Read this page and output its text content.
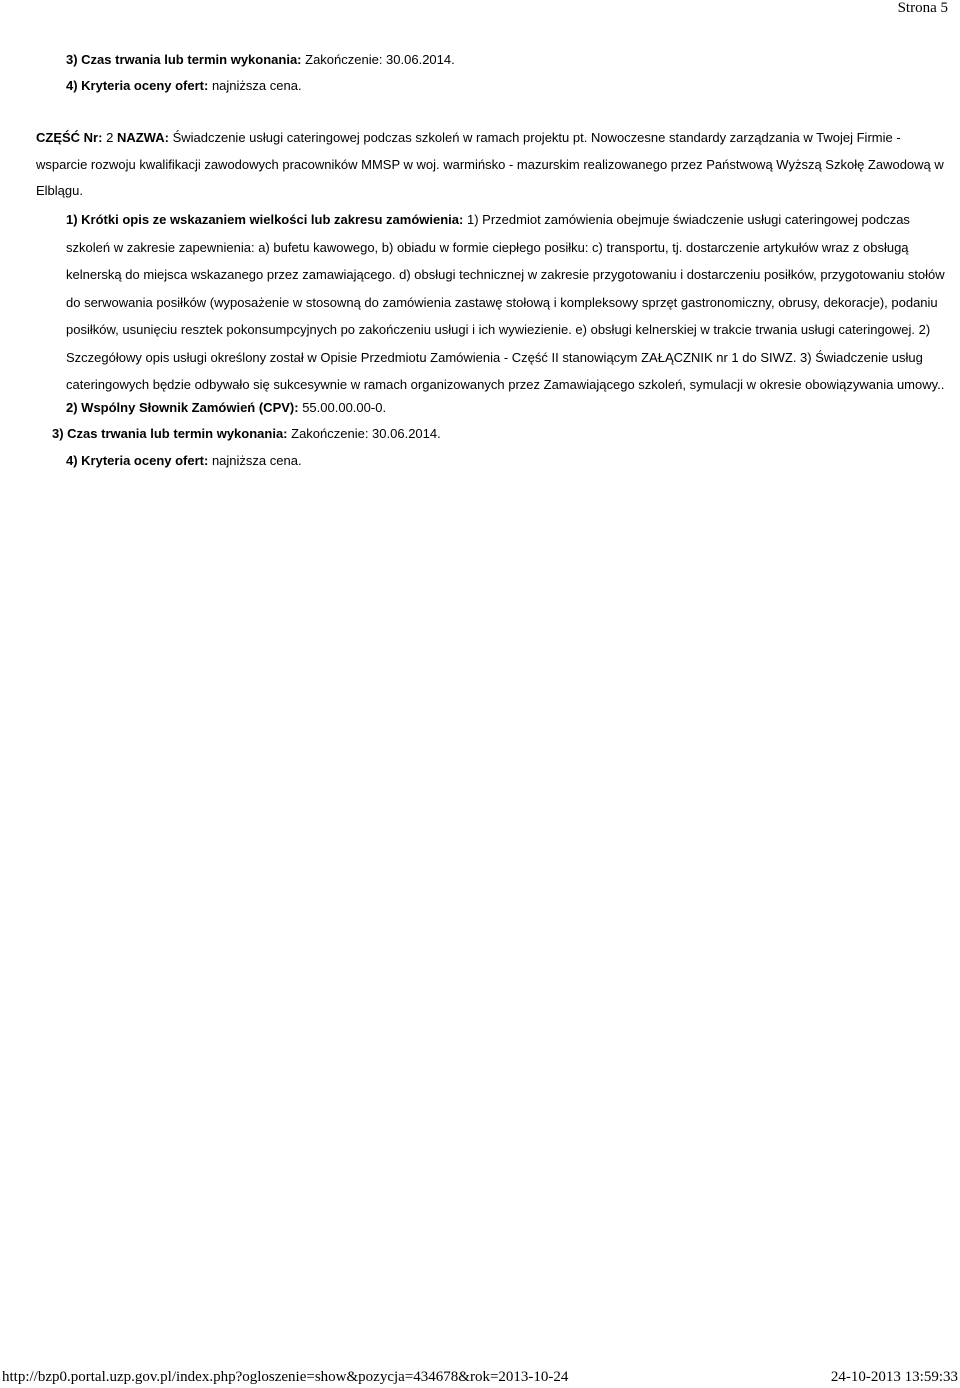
Strona 5
3) Czas trwania lub termin wykonania: Zakończenie: 30.06.2014.
4) Kryteria oceny ofert: najniższa cena.
CZĘŚĆ Nr: 2 NAZWA: Świadczenie usługi cateringowej podczas szkoleń w ramach projektu pt. Nowoczesne standardy zarządzania w Twojej Firmie -
wsparcie rozwoju kwalifikacji zawodowych pracowników MMSP w woj. warmińsko - mazurskim realizowanego przez Państwową Wyższą Szkołę Zawodową w
Elblągu.
1) Krótki opis ze wskazaniem wielkości lub zakresu zamówienia: 1) Przedmiot zamówienia obejmuje świadczenie usługi cateringowej podczas szkoleń w zakresie zapewnienia: a) bufetu kawowego, b) obiadu w formie ciepłego posiłku: c) transportu, tj. dostarczenie artykułów wraz z obsługą kelnerską do miejsca wskazanego przez zamawiającego. d) obsługi technicznej w zakresie przygotowaniu i dostarczeniu posiłków, przygotowaniu stołów do serwowania posiłków (wyposażenie w stosowną do zamówienia zastawę stołową i kompleksowy sprzęt gastronomiczny, obrusy, dekoracje), podaniu posiłków, usunięciu resztek pokonsumpcyjnych po zakończeniu usługi i ich wywiezienie. e) obsługi kelnerskiej w trakcie trwania usługi cateringowej. 2) Szczegółowy opis usługi określony został w Opisie Przedmiotu Zamówienia - Część II stanowiącym ZAŁĄCZNIK nr 1 do SIWZ. 3) Świadczenie usług cateringowych będzie odbywało się sukcesywnie w ramach organizowanych przez Zamawiającego szkoleń, symulacji w okresie obowiązywania umowy..
2) Wspólny Słownik Zamówień (CPV): 55.00.00.00-0.
3) Czas trwania lub termin wykonania: Zakończenie: 30.06.2014.
4) Kryteria oceny ofert: najniższa cena.
http://bzp0.portal.uzp.gov.pl/index.php?ogloszenie=show&pozycja=434678&rok=2013-10-24	24-10-2013 13:59:33
